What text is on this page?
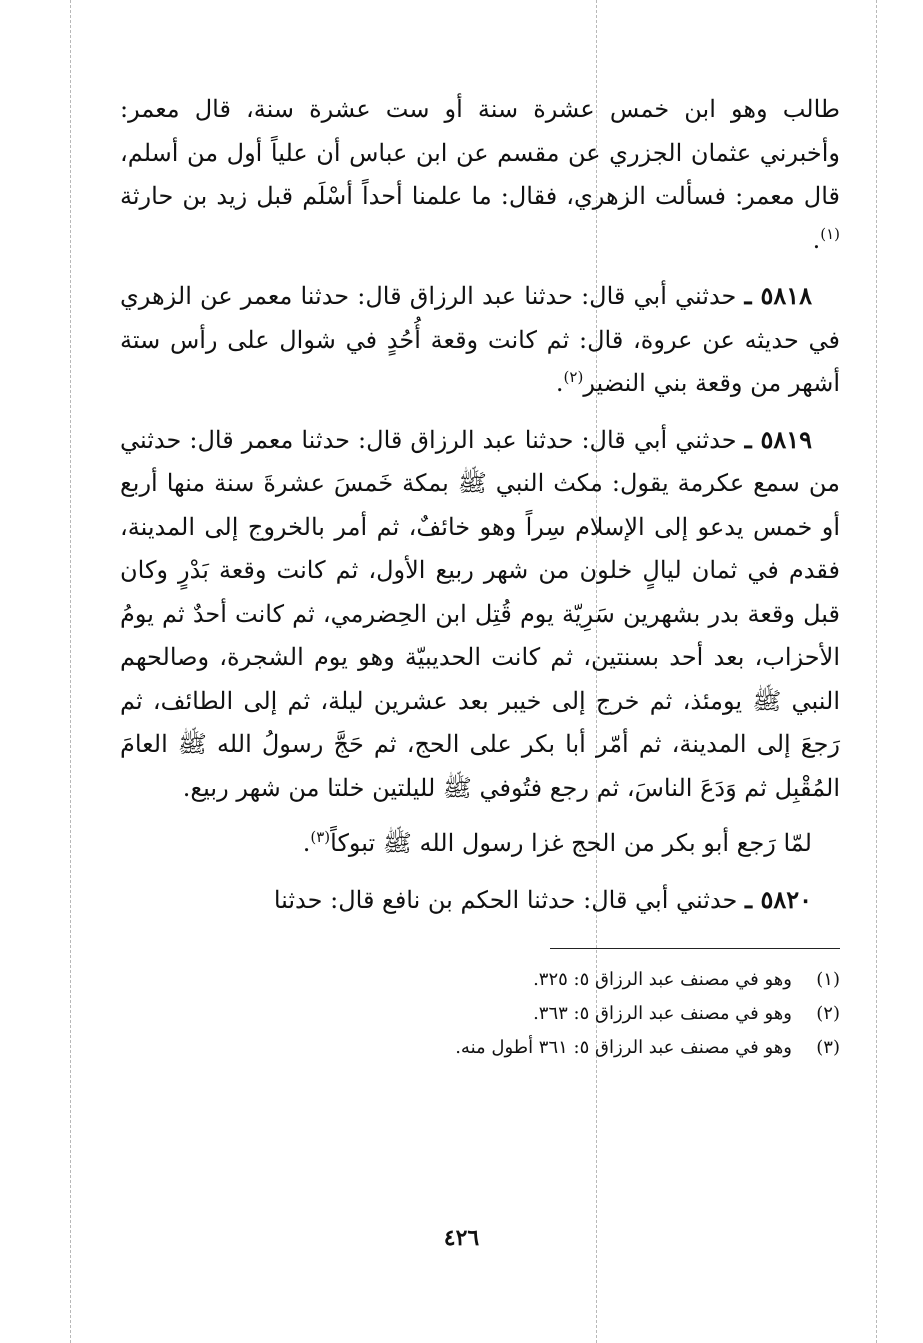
طالب وهو ابن خمس عشرة سنة أو ست عشرة سنة، قال معمر: وأخبرني عثمان الجزري عن مقسم عن ابن عباس أن علياً أول من أسلم، قال معمر: فسألت الزهري، فقال: ما علمنا أحداً أسْلَم قبل زيد بن حارثة $^{(١)}$.

٥٨١٨ ـ حدثني أبي قال: حدثنا عبد الرزاق قال: حدثنا معمر عن الزهري في حديثه عن عروة، قال: ثم كانت وقعة أُحُدٍ في شوال على رأس ستة أشهر من وقعة بني النضير$^{(٢)}$.

٥٨١٩ ـ حدثني أبي قال: حدثنا عبد الرزاق قال: حدثنا معمر قال: حدثني من سمع عكرمة يقول: مكث النبي ﷺ بمكة خَمسَ عشرةَ سنة منها أربع أو خمس يدعو إلى الإسلام سِراً وهو خائفٌ، ثم أمر بالخروج إلى المدينة، فقدم في ثمان ليالٍ خلون من شهر ربيع الأول، ثم كانت وقعة بَدْرٍ وكان قبل وقعة بدر بشهرين سَرِيّة يوم قُتِل ابن الحِضرمي، ثم كانت أحدٌ ثم يومُ الأحزاب، بعد أحد بسنتين، ثم كانت الحديبيّة وهو يوم الشجرة، وصالحهم النبي ﷺ يومئذ، ثم خرج إلى خيبر بعد عشرين ليلة، ثم إلى الطائف، ثم رَجعَ إلى المدينة، ثم أمّر أبا بكر على الحج، ثم حَجَّ رسولُ الله ﷺ العامَ المُقْبِل ثم وَدَعَ الناسَ، ثم رجع فتُوفي ﷺ لليلتين خلتا من شهر ربيع.

لمّا رَجع أبو بكر من الحج غزا رسول الله ﷺ تبوكاً$^{(٣)}$.

٥٨٢٠ ـ حدثني أبي قال: حدثنا الحكم بن نافع قال: حدثنا

(١)وهو في مصنف عبد الرزاق ٥: ٣٢٥.

(٢)وهو في مصنف عبد الرزاق ٥: ٣٦٣.

(٣)وهو في مصنف عبد الرزاق ٥: ٣٦١ أطول منه.

٤٢٦
